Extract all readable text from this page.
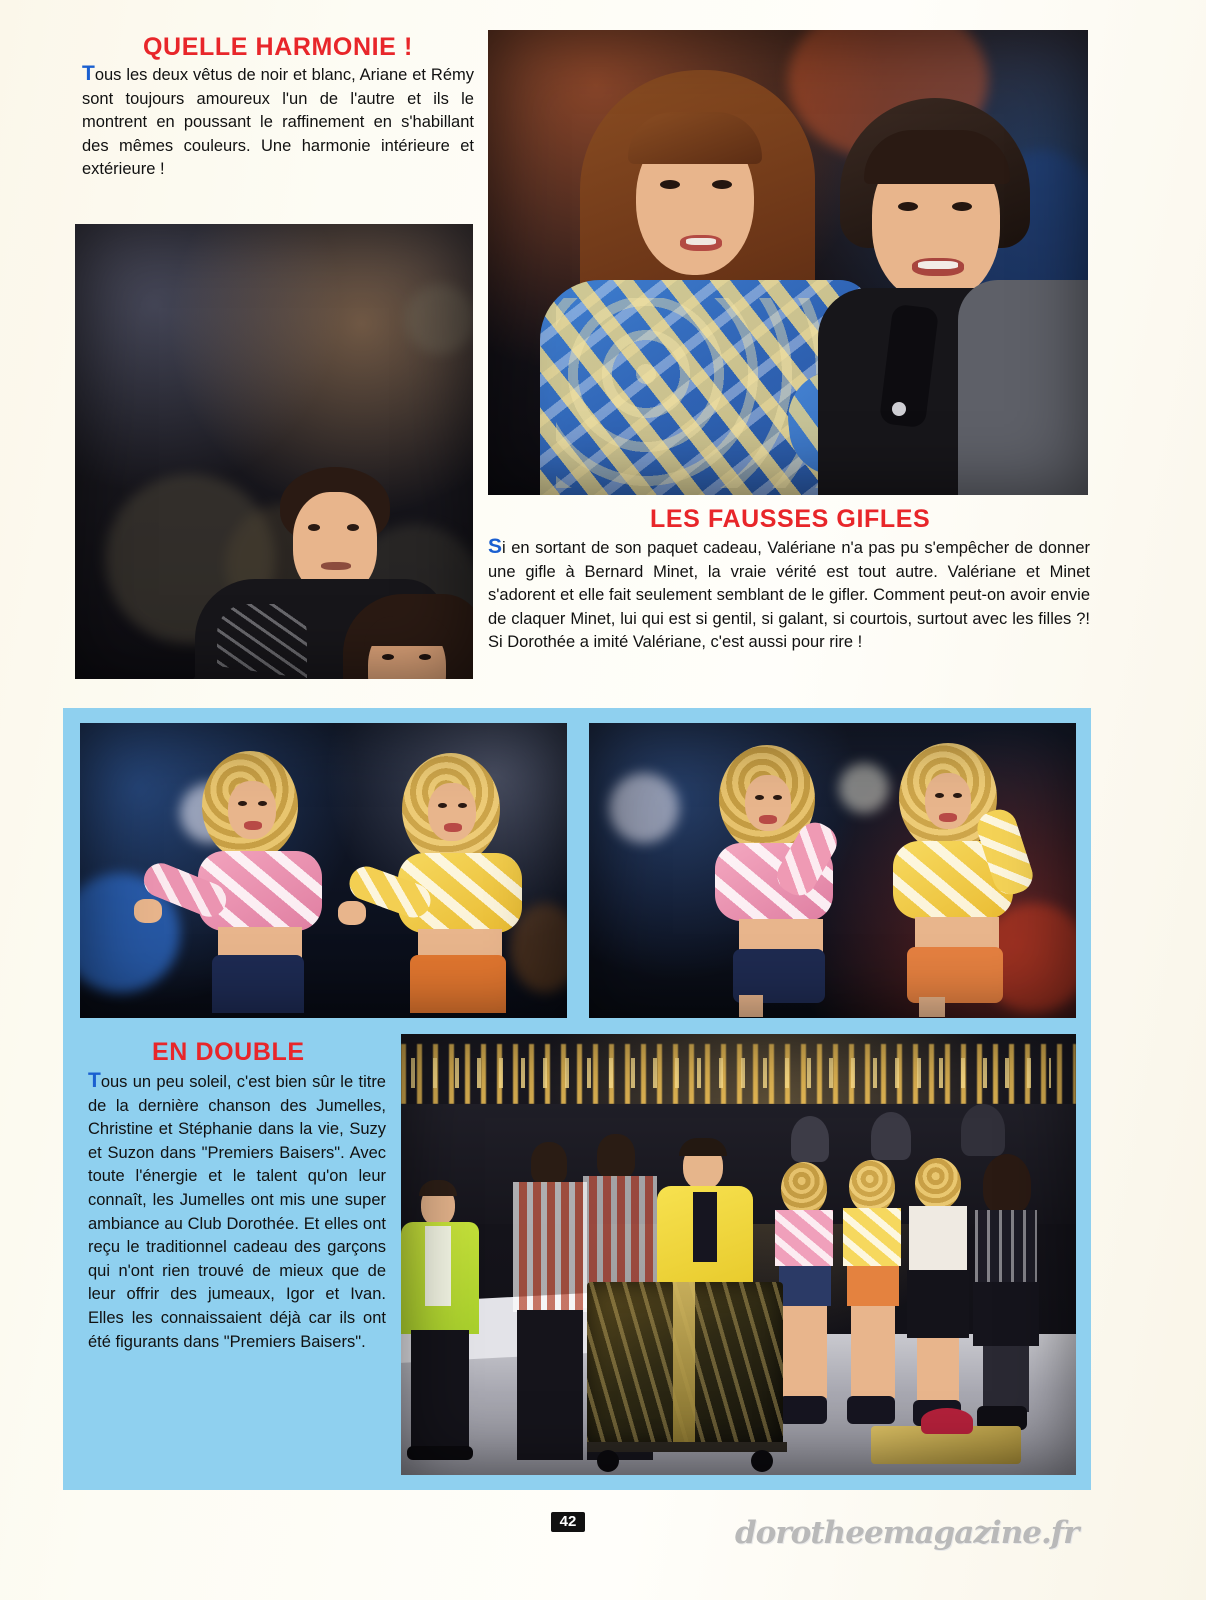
QUELLE HARMONIE !
Tous les deux vêtus de noir et blanc, Ariane et Rémy sont toujours amoureux l'un de l'autre et ils le montrent en poussant le raffinement en s'habillant des mêmes couleurs. Une harmonie intérieure et extérieure !
LES FAUSSES GIFLES
Si en sortant de son paquet cadeau, Valériane n'a pas pu s'empêcher de donner une gifle à Bernard Minet, la vraie vérité est tout autre. Valériane et Minet s'adorent et elle fait seulement semblant de le gifler. Comment peut-on avoir envie de claquer Minet, lui qui est si gentil, si galant, si courtois, surtout avec les filles ?! Si Dorothée a imité Valériane, c'est aussi pour rire !
EN DOUBLE
Tous un peu soleil, c'est bien sûr le titre de la dernière chanson des Jumelles, Christine et Stéphanie dans la vie, Suzy et Suzon dans "Premiers Baisers". Avec toute l'énergie et le talent qu'on leur connaît, les Jumelles ont mis une super ambiance au Club Dorothée. Et elles ont reçu le traditionnel cadeau des garçons qui n'ont rien trouvé de mieux que de leur offrir des jumeaux, Igor et Ivan. Elles les connaissaient déjà car ils ont été figurants dans "Premiers Baisers".
42	dorotheemagazine.fr
